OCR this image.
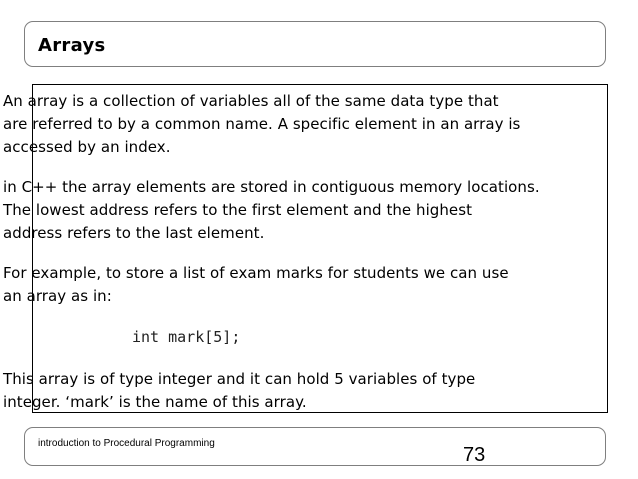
Arrays
An array is a collection of variables all of the same data type that
are referred to by a common name. A specific element in an array is
accessed by an index.
in C++ the array elements are stored in contiguous memory locations.
The lowest address refers to the first element and the highest
address refers to the last element.
For example, to store a list of exam marks for students we can use
an array as in:
int mark[5];
This array is of type integer and it can hold 5 variables of type
integer. ‘mark’ is the name of this array.
introduction to Procedural Programming
73
